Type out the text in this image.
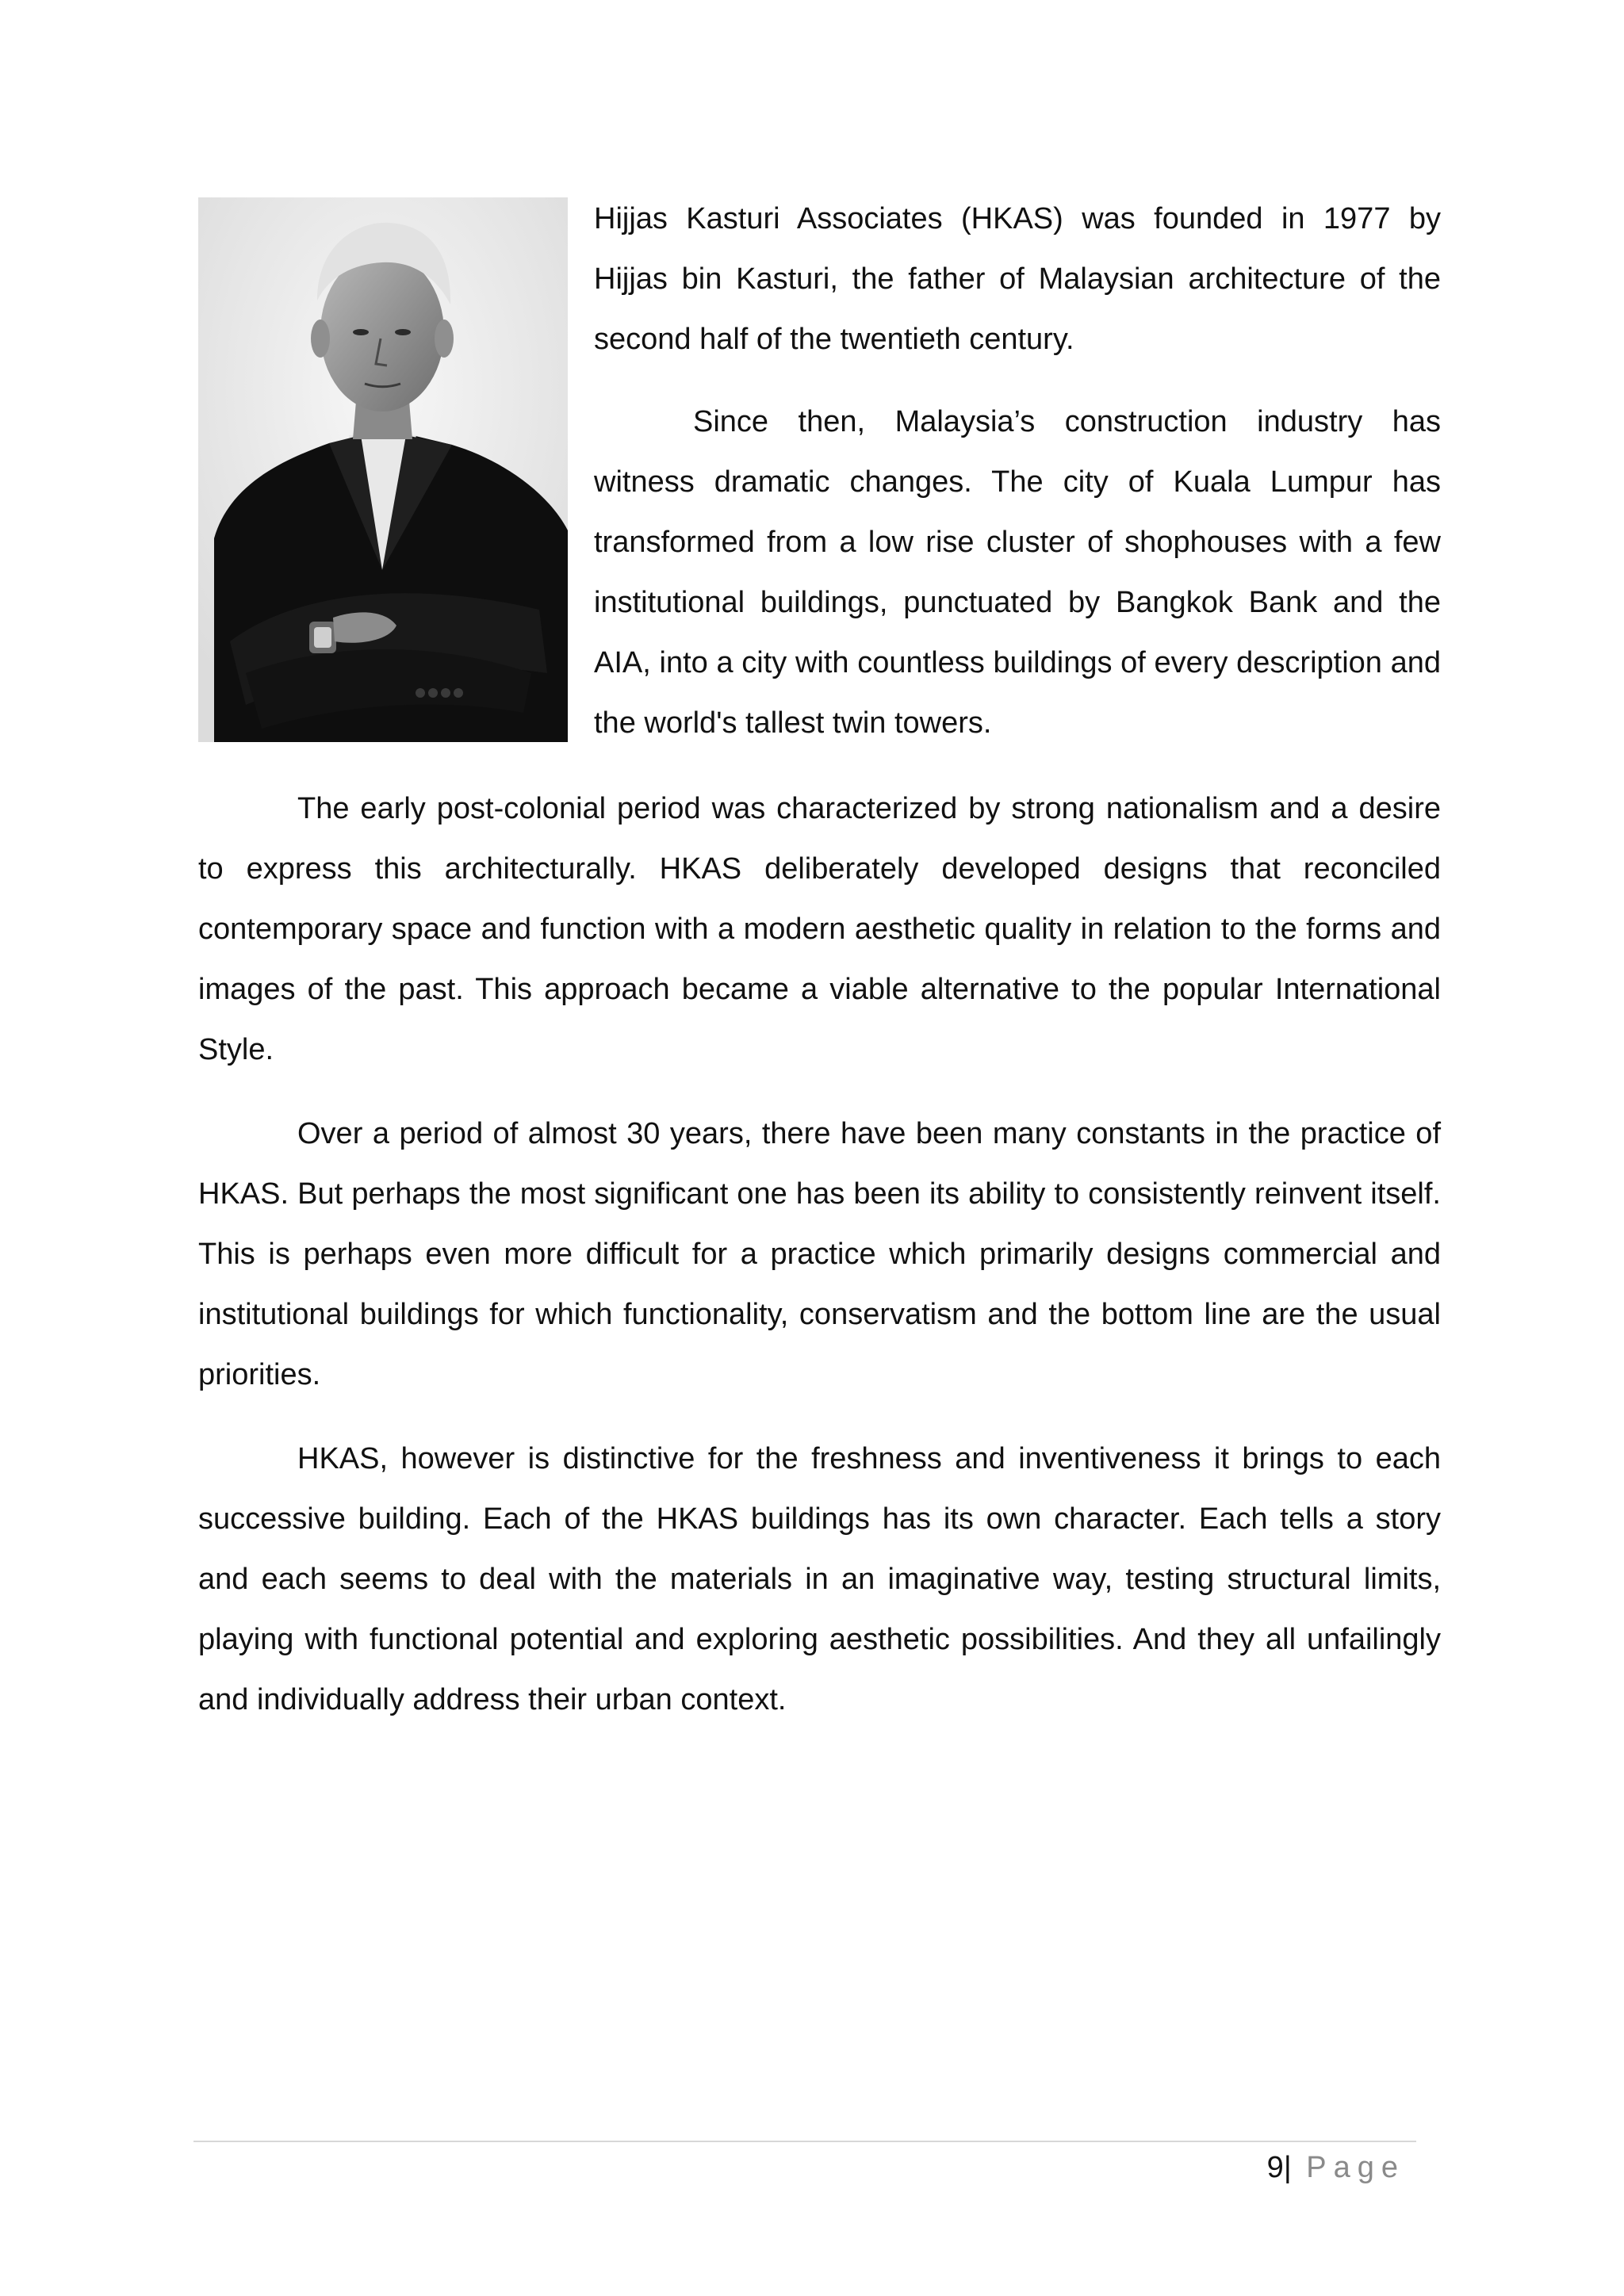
Hijjas Kasturi Associates (HKAS) was founded in 1977 by Hijjas bin Kasturi, the father of Malaysian architecture of the second half of the twentieth century.

Since then, Malaysia’s construction industry has witness dramatic changes. The city of Kuala Lumpur has transformed from a low rise cluster of shophouses with a few institutional buildings, punctuated by Bangkok Bank and the AIA, into a city with countless buildings of every description and the world's tallest twin towers.

The early post-colonial period was characterized by strong nationalism and a desire to express this architecturally. HKAS deliberately developed designs that reconciled contemporary space and function with a modern aesthetic quality in relation to the forms and images of the past. This approach became a viable alternative to the popular International Style.

Over a period of almost 30 years, there have been many constants in the practice of HKAS. But perhaps the most significant one has been its ability to consistently reinvent itself. This is perhaps even more difficult for a practice which primarily designs commercial and institutional buildings for which functionality, conservatism and the bottom line are the usual priorities.

HKAS, however is distinctive for the freshness and inventiveness it brings to each successive building. Each of the HKAS buildings has its own character. Each tells a story and each seems to deal with the materials in an imaginative way, testing structural limits, playing with functional potential and exploring aesthetic possibilities. And they all unfailingly and individually address their urban context.

9| Page
